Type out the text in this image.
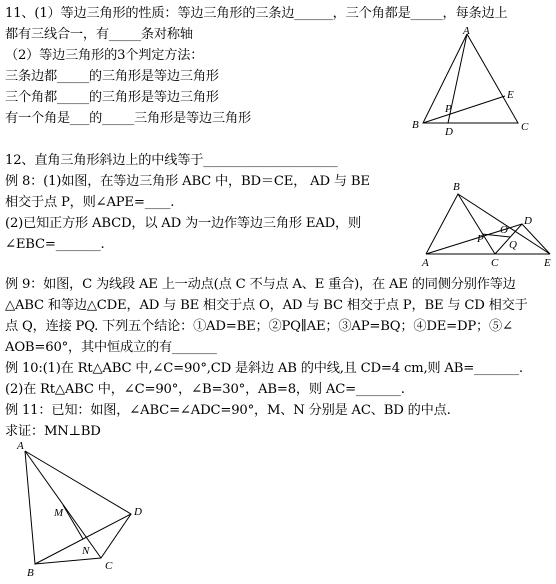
11、(1）等边三角形的性质：等边三角形的三条边______，三个角都是_____，每条边上
都有三线合一，有_____条对称轴
（2）等边三角形的3个判定方法：
三条边都_____的三角形是等边三角形
三个角都_____的三角形是等边三角形
有一个角是___的_____三角形是等边三角形
A
B	C
D
E
P
12、直角三角形斜边上的中线等于_____________________
例 8：(1)如图，在等边三角形 ABC 中，BD＝CE， AD 与 BE
相交于点 P，则∠APE=____.
(2)已知正方形 ABCD，以 AD 为一边作等边三角形 EAD，则
∠EBC=_______.
B
A	C
D
E
O
P Q
例 9：如图，C 为线段 AE 上一动点(点 C 不与点 A、E 重合)，在 AE 的同侧分别作等边
△ABC 和等边△CDE，AD 与 BE 相交于点 O，AD 与 BC 相交于点 P，BE 与 CD 相交于
点 Q，连接 PQ. 下列五个结论：①AD=BE；②PQ∥AE；③AP=BQ；④DE=DP；⑤∠
AOB=60°，其中恒成立的有_______
例 10:(1)在 Rt△ABC 中,∠C=90°,CD 是斜边 AB 的中线,且 CD=4 cm,则 AB=_______.
(2)在 Rt△ABC 中，∠C=90°，∠B=30°，AB=8，则 AC=_______.
例 11：已知：如图，∠ABC=∠ADC=90°，M、N 分别是 AC、BD 的中点.
求证：MN⊥BD
A
B
C
D
M
N
